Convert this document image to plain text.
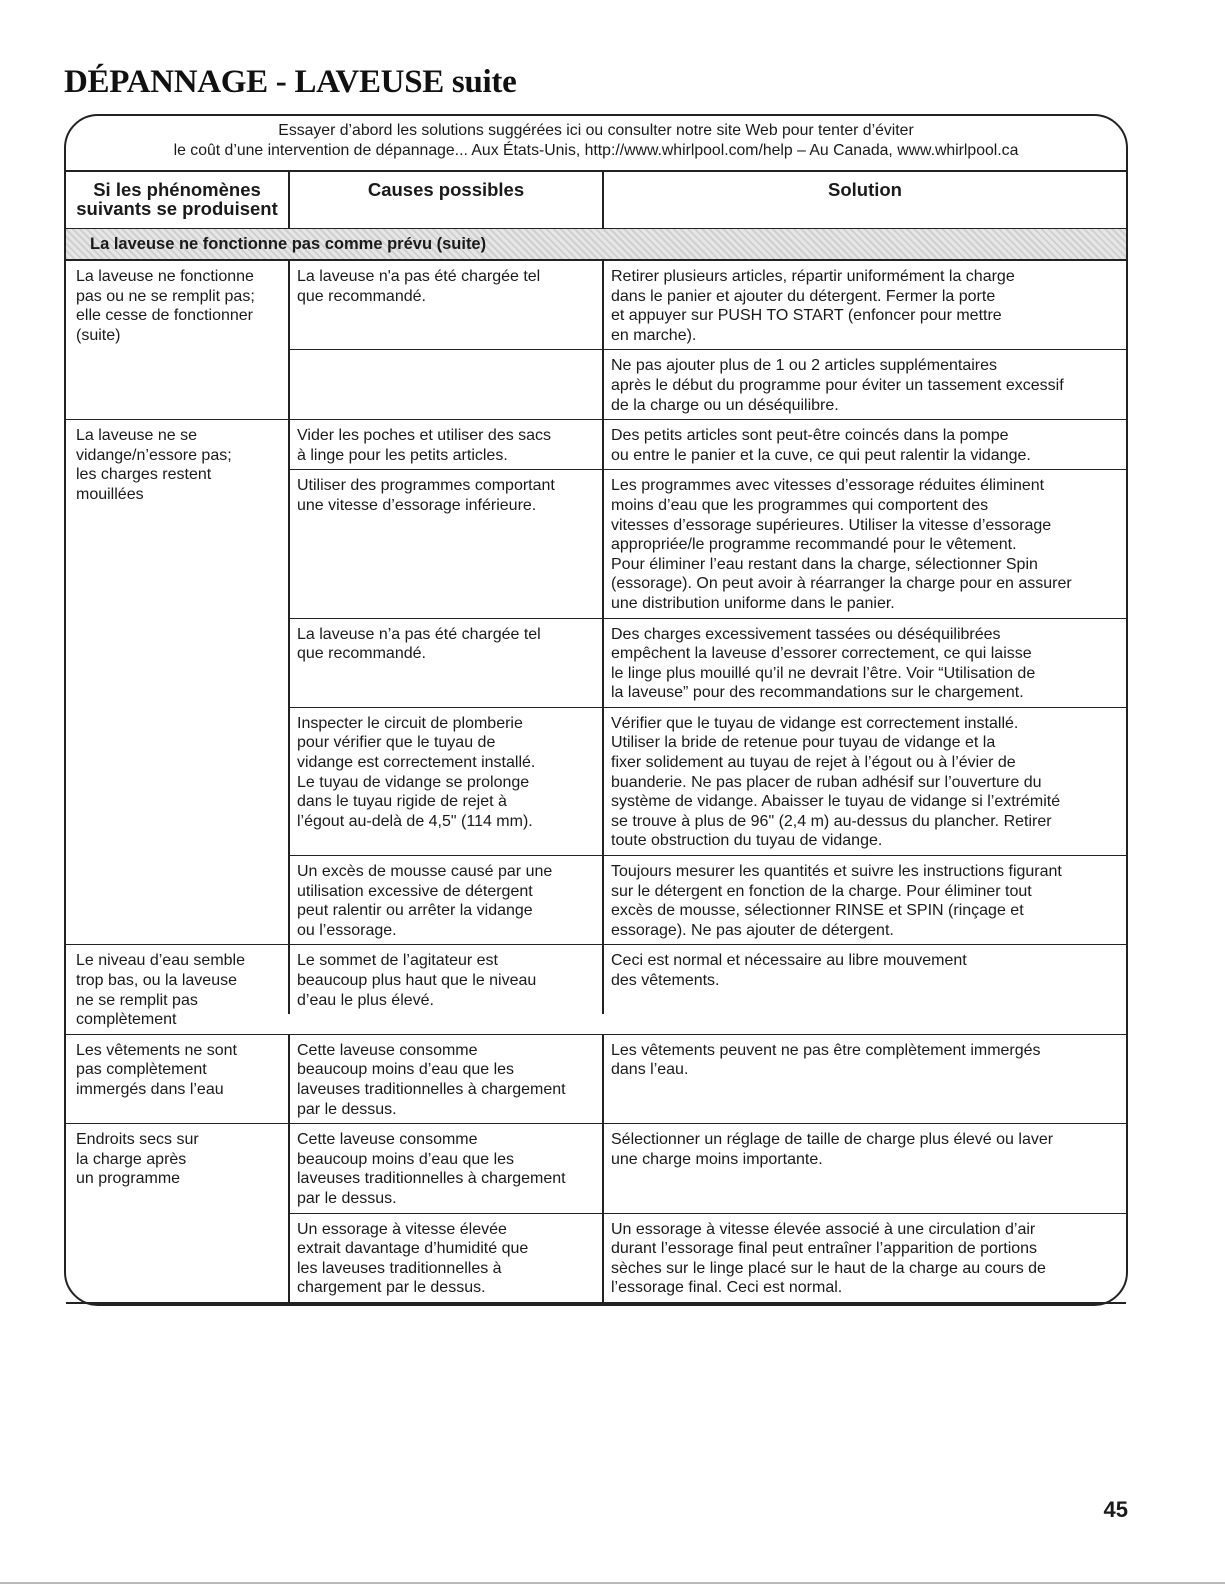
DÉPANNAGE - LAVEUSE suite
Essayer d’abord les solutions suggérées ici ou consulter notre site Web pour tenter d’éviter
le coût d’une intervention de dépannage... Aux États-Unis, http://www.whirlpool.com/help – Au Canada, www.whirlpool.ca
Si les phénomènes
suivants se produisent
Causes possibles	Solution
La laveuse ne fonctionne pas comme prévu (suite)
La laveuse ne fonctionne
pas ou ne se remplit pas;
elle cesse de fonctionner
(suite)
La laveuse n'a pas été chargée tel
que recommandé.
Retirer plusieurs articles, répartir uniformément la charge
dans le panier et ajouter du détergent. Fermer la porte
et appuyer sur PUSH TO START (enfoncer pour mettre
en marche).
Ne pas ajouter plus de 1 ou 2 articles supplémentaires
après le début du programme pour éviter un tassement excessif
de la charge ou un déséquilibre.
La laveuse ne se
vidange/n’essore pas;
les charges restent
mouillées
Vider les poches et utiliser des sacs
à linge pour les petits articles.
Des petits articles sont peut-être coincés dans la pompe
ou entre le panier et la cuve, ce qui peut ralentir la vidange.
Utiliser des programmes comportant
une vitesse d’essorage inférieure.
Les programmes avec vitesses d’essorage réduites éliminent
moins d’eau que les programmes qui comportent des
vitesses d’essorage supérieures. Utiliser la vitesse d’essorage
appropriée/le programme recommandé pour le vêtement.
Pour éliminer l’eau restant dans la charge, sélectionner Spin
(essorage). On peut avoir à réarranger la charge pour en assurer
une distribution uniforme dans le panier.
La laveuse n’a pas été chargée tel
que recommandé.
Des charges excessivement tassées ou déséquilibrées
empêchent la laveuse d’essorer correctement, ce qui laisse
le linge plus mouillé qu’il ne devrait l’être. Voir “Utilisation de
la laveuse” pour des recommandations sur le chargement.
Inspecter le circuit de plomberie
pour vérifier que le tuyau de
vidange est correctement installé.
Le tuyau de vidange se prolonge
dans le tuyau rigide de rejet à
l’égout au-delà de 4,5" (114 mm).
Vérifier que le tuyau de vidange est correctement installé.
Utiliser la bride de retenue pour tuyau de vidange et la
fixer solidement au tuyau de rejet à l’égout ou à l’évier de
buanderie. Ne pas placer de ruban adhésif sur l’ouverture du
système de vidange. Abaisser le tuyau de vidange si l’extrémité
se trouve à plus de 96" (2,4 m) au-dessus du plancher. Retirer
toute obstruction du tuyau de vidange.
Un excès de mousse causé par une
utilisation excessive de détergent
peut ralentir ou arrêter la vidange
ou l’essorage.
Toujours mesurer les quantités et suivre les instructions figurant
sur le détergent en fonction de la charge. Pour éliminer tout
excès de mousse, sélectionner RINSE et SPIN (rinçage et
essorage). Ne pas ajouter de détergent.
Le niveau d’eau semble
trop bas, ou la laveuse
ne se remplit pas
complètement
Le sommet de l’agitateur est
beaucoup plus haut que le niveau
d’eau le plus élevé.
Ceci est normal et nécessaire au libre mouvement
des vêtements.
Les vêtements ne sont
pas complètement
immergés dans l’eau
Cette laveuse consomme
beaucoup moins d’eau que les
laveuses traditionnelles à chargement
par le dessus.
Les vêtements peuvent ne pas être complètement immergés
dans l’eau.
Endroits secs sur
la charge après
un programme
Cette laveuse consomme
beaucoup moins d’eau que les
laveuses traditionnelles à chargement
par le dessus.
Sélectionner un réglage de taille de charge plus élevé ou laver
une charge moins importante.
Un essorage à vitesse élevée
extrait davantage d’humidité que
les laveuses traditionnelles à
chargement par le dessus.
Un essorage à vitesse élevée associé à une circulation d’air
durant l’essorage final peut entraîner l’apparition de portions
sèches sur le linge placé sur le haut de la charge au cours de
l’essorage final. Ceci est normal.

45
